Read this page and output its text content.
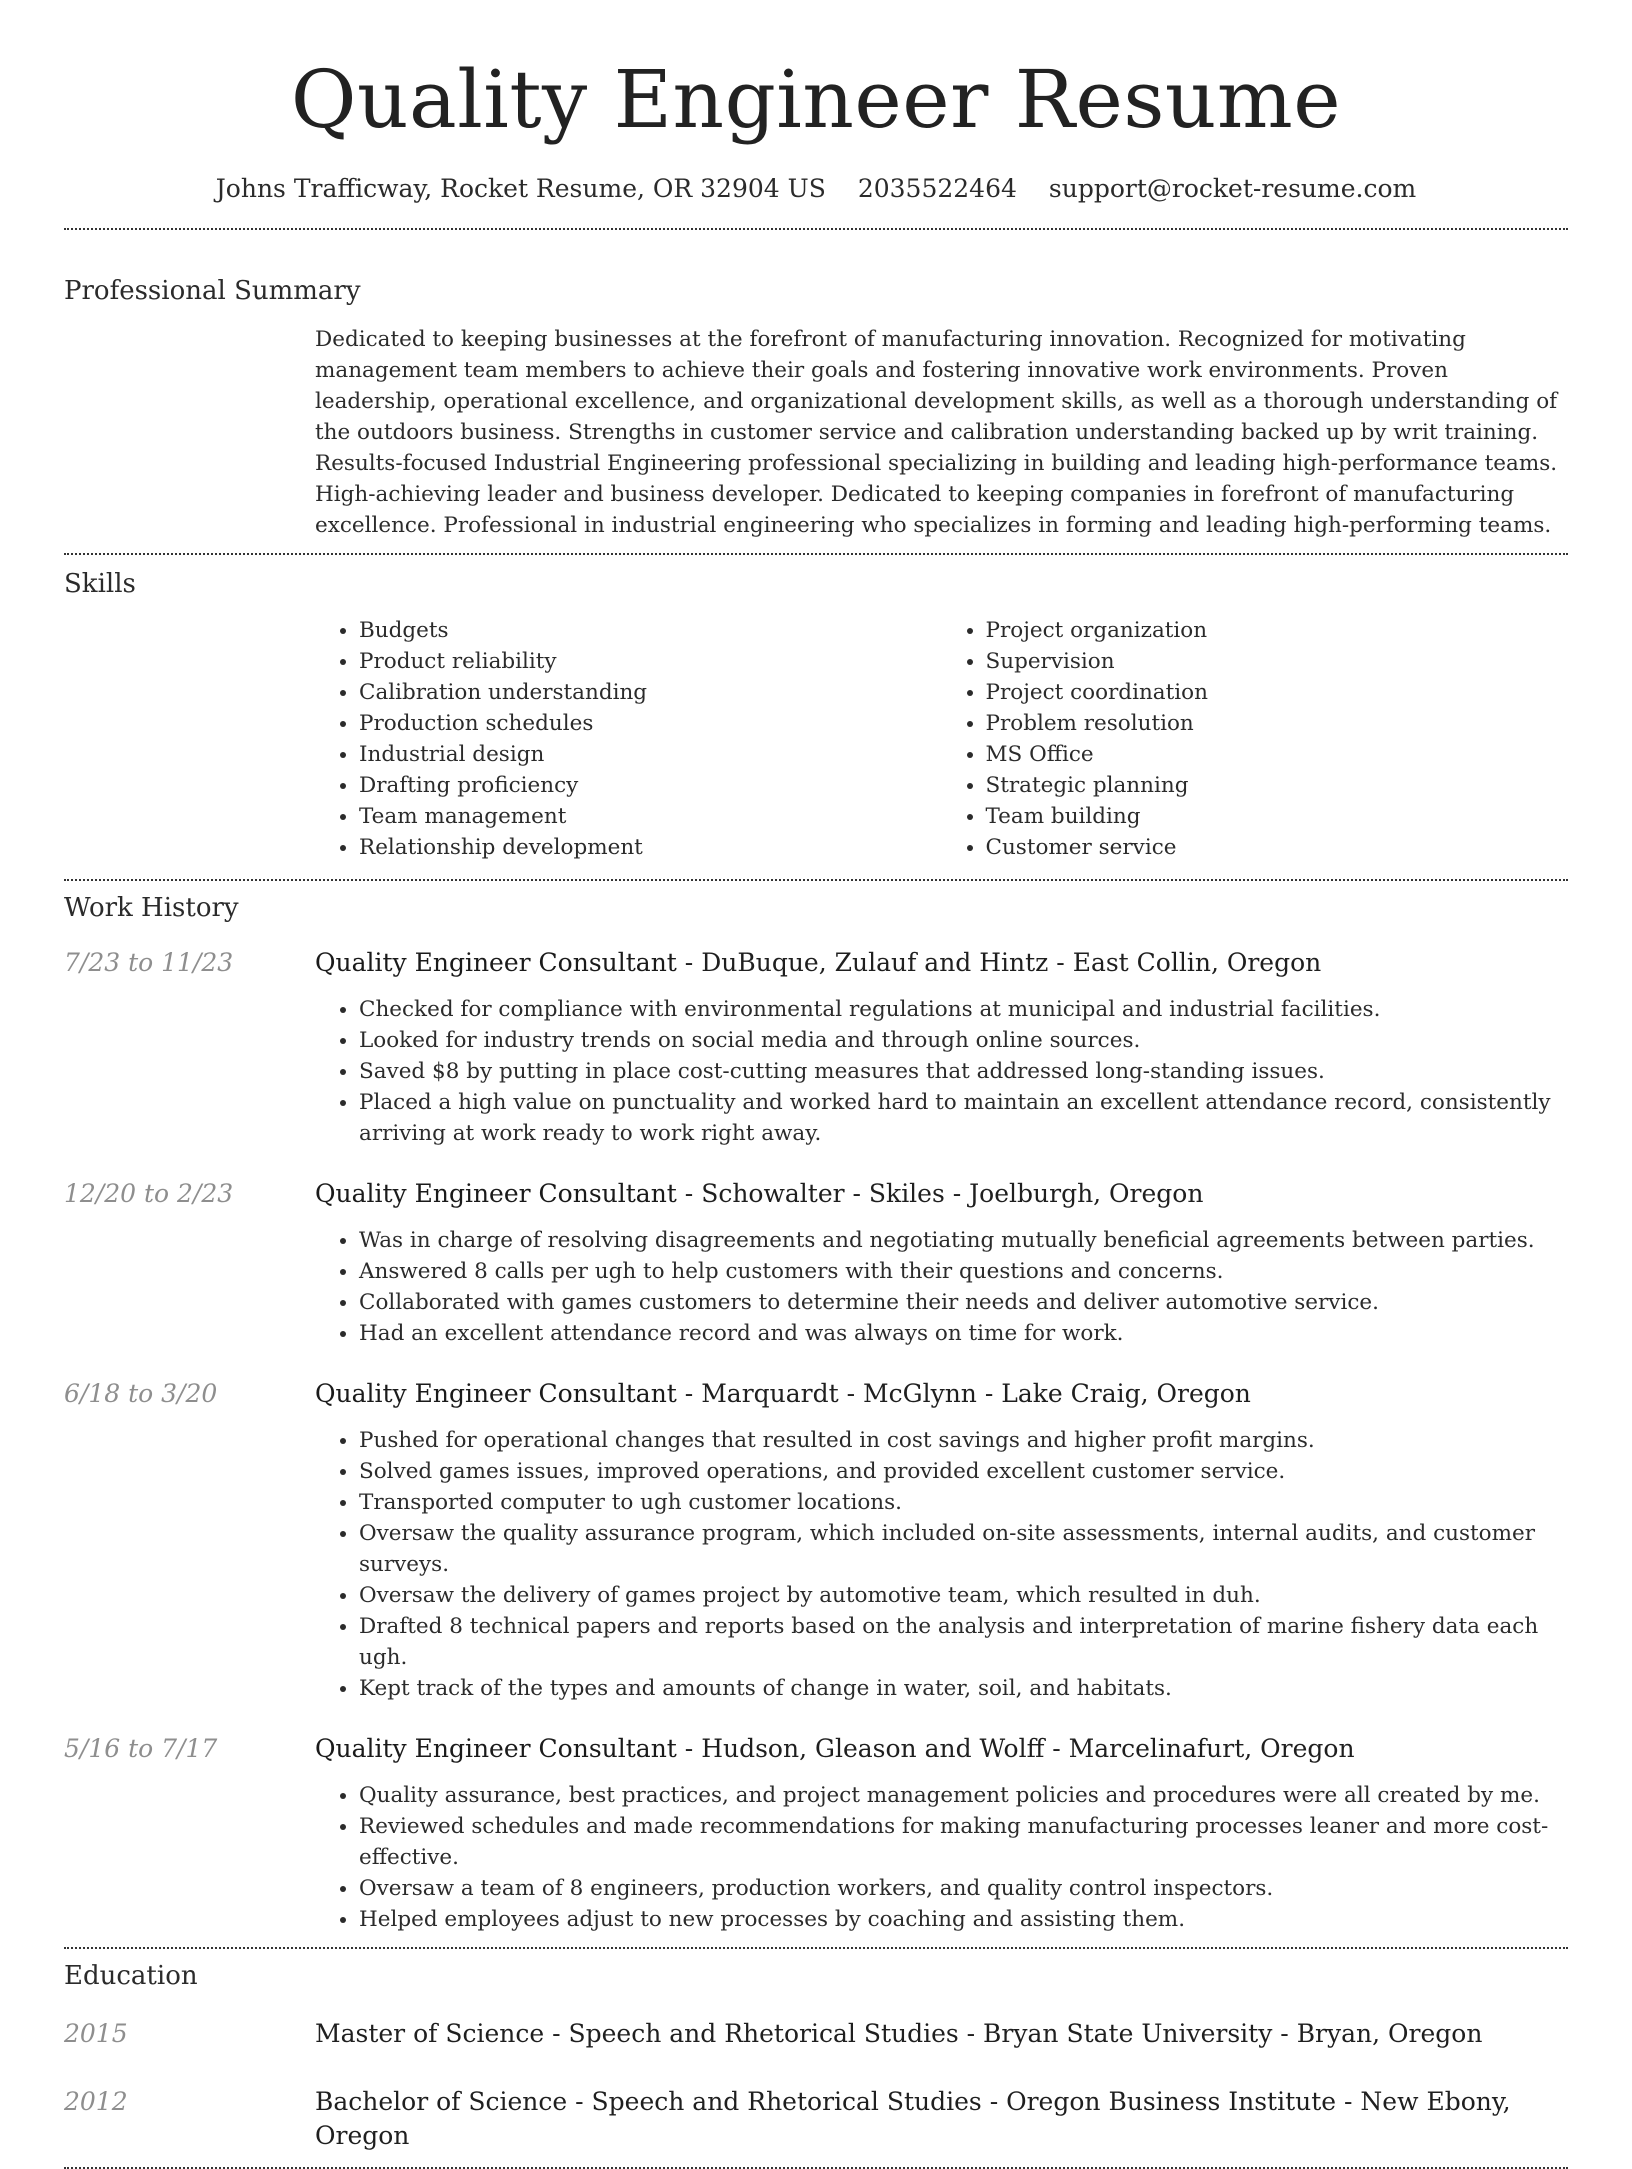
Quality Engineer Resume
Johns Trafficway, Rocket Resume, OR 32904 US 2035522464 support@rocket-resume.com
Professional Summary
Dedicated to keeping businesses at the forefront of manufacturing innovation. Recognized for motivating management team members to achieve their goals and fostering innovative work environments. Proven leadership, operational excellence, and organizational development skills, as well as a thorough understanding of the outdoors business. Strengths in customer service and calibration understanding backed up by writ training. Results-focused Industrial Engineering professional specializing in building and leading high-performance teams. High-achieving leader and business developer. Dedicated to keeping companies in forefront of manufacturing excellence. Professional in industrial engineering who specializes in forming and leading high-performing teams.
Skills
• Budgets
• Product reliability
• Calibration understanding
• Production schedules
• Industrial design
• Drafting proficiency
• Team management
• Relationship development
• Project organization
• Supervision
• Project coordination
• Problem resolution
• MS Office
• Strategic planning
• Team building
• Customer service
Work History
7/23 to 11/23	Quality Engineer Consultant - DuBuque, Zulauf and Hintz - East Collin, Oregon
• Checked for compliance with environmental regulations at municipal and industrial facilities.
• Looked for industry trends on social media and through online sources.
• Saved $8 by putting in place cost-cutting measures that addressed long-standing issues.
• Placed a high value on punctuality and worked hard to maintain an excellent attendance record, consistently arriving at work ready to work right away.
12/20 to 2/23	Quality Engineer Consultant - Schowalter - Skiles - Joelburgh, Oregon
• Was in charge of resolving disagreements and negotiating mutually beneficial agreements between parties.
• Answered 8 calls per ugh to help customers with their questions and concerns.
• Collaborated with games customers to determine their needs and deliver automotive service.
• Had an excellent attendance record and was always on time for work.
6/18 to 3/20	Quality Engineer Consultant - Marquardt - McGlynn - Lake Craig, Oregon
• Pushed for operational changes that resulted in cost savings and higher profit margins.
• Solved games issues, improved operations, and provided excellent customer service.
• Transported computer to ugh customer locations.
• Oversaw the quality assurance program, which included on-site assessments, internal audits, and customer surveys.
• Oversaw the delivery of games project by automotive team, which resulted in duh.
• Drafted 8 technical papers and reports based on the analysis and interpretation of marine fishery data each ugh.
• Kept track of the types and amounts of change in water, soil, and habitats.
5/16 to 7/17	Quality Engineer Consultant - Hudson, Gleason and Wolff - Marcelinafurt, Oregon
• Quality assurance, best practices, and project management policies and procedures were all created by me.
• Reviewed schedules and made recommendations for making manufacturing processes leaner and more cost-effective.
• Oversaw a team of 8 engineers, production workers, and quality control inspectors.
• Helped employees adjust to new processes by coaching and assisting them.
Education
2015	Master of Science - Speech and Rhetorical Studies - Bryan State University - Bryan, Oregon
2012	Bachelor of Science - Speech and Rhetorical Studies - Oregon Business Institute - New Ebony, Oregon
